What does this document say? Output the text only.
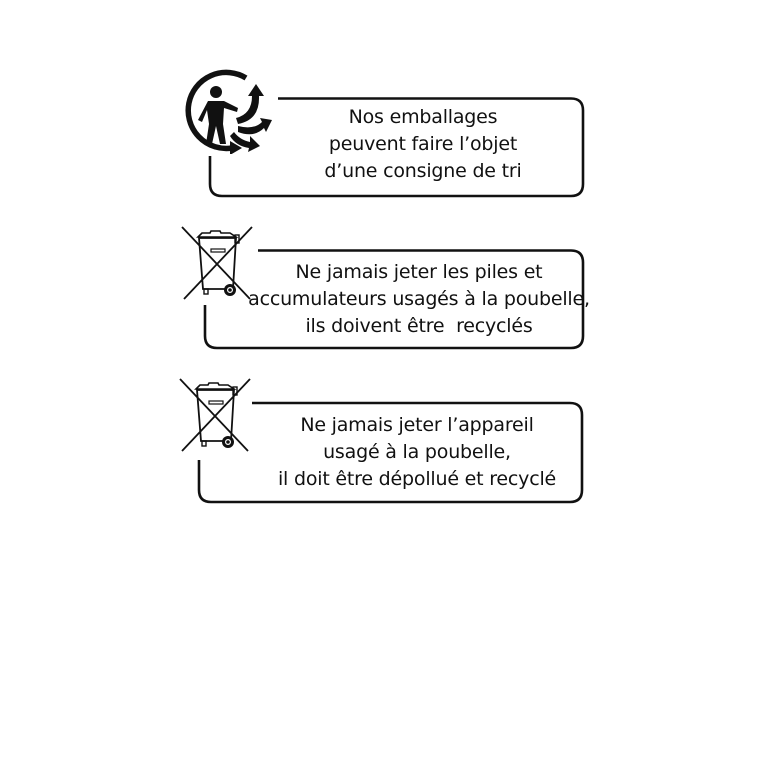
Nos emballages
peuvent faire l’objet
d’une consigne de tri
Ne jamais jeter les piles et
accumulateurs usagés à la poubelle,
ils doivent être  recyclés
Ne jamais jeter l’appareil
usagé à la poubelle,
il doit être dépollué et recyclé
